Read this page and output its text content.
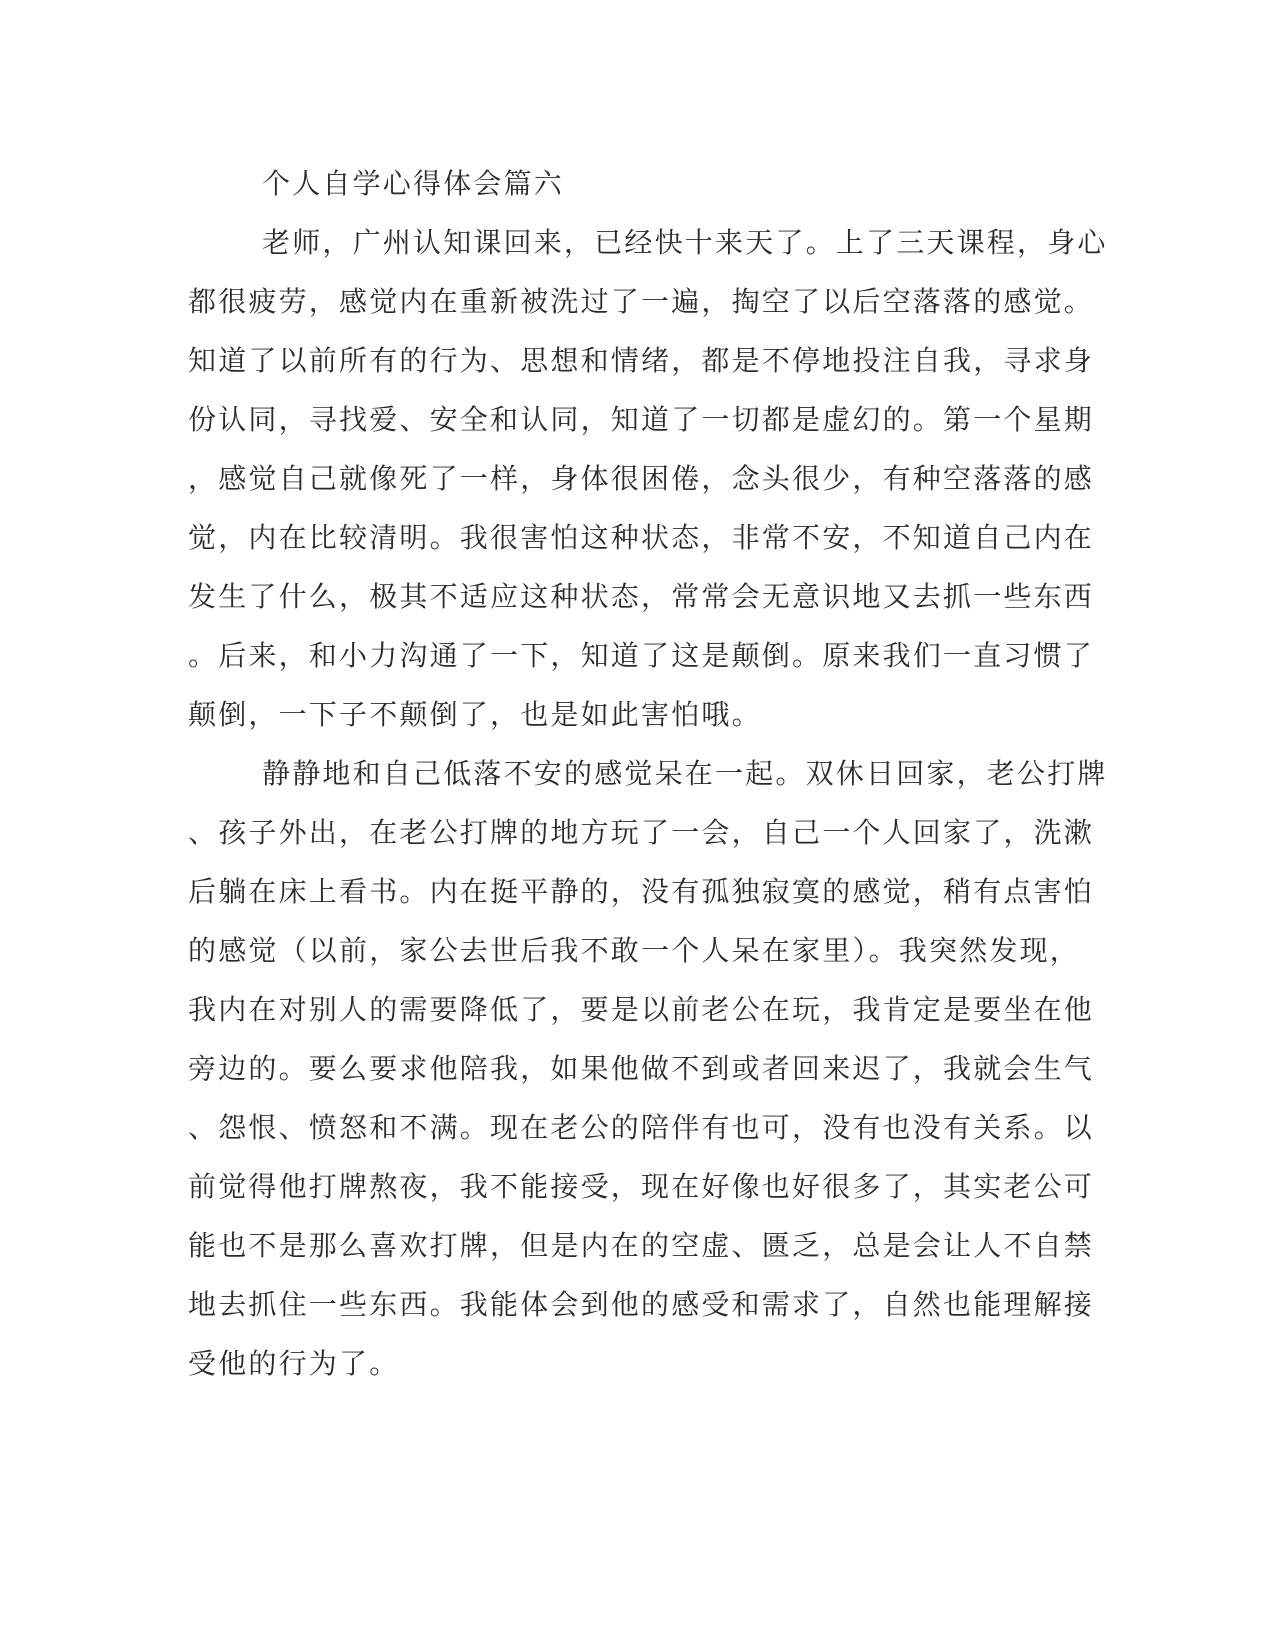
个人自学心得体会篇六
老师，广州认知课回来，已经快十来天了。上了三天课程，身心
都很疲劳，感觉内在重新被洗过了一遍，掏空了以后空落落的感觉。
知道了以前所有的行为、思想和情绪，都是不停地投注自我，寻求身
份认同，寻找爱、安全和认同，知道了一切都是虚幻的。第一个星期
，感觉自己就像死了一样，身体很困倦，念头很少，有种空落落的感
觉，内在比较清明。我很害怕这种状态，非常不安，不知道自己内在
发生了什么，极其不适应这种状态，常常会无意识地又去抓一些东西
。后来，和小力沟通了一下，知道了这是颠倒。原来我们一直习惯了
颠倒，一下子不颠倒了，也是如此害怕哦。
静静地和自己低落不安的感觉呆在一起。双休日回家，老公打牌
、孩子外出，在老公打牌的地方玩了一会，自己一个人回家了，洗漱
后躺在床上看书。内在挺平静的，没有孤独寂寞的感觉，稍有点害怕
的感觉（以前，家公去世后我不敢一个人呆在家里）。我突然发现，
我内在对别人的需要降低了，要是以前老公在玩，我肯定是要坐在他
旁边的。要么要求他陪我，如果他做不到或者回来迟了，我就会生气
、怨恨、愤怒和不满。现在老公的陪伴有也可，没有也没有关系。以
前觉得他打牌熬夜，我不能接受，现在好像也好很多了，其实老公可
能也不是那么喜欢打牌，但是内在的空虚、匮乏，总是会让人不自禁
地去抓住一些东西。我能体会到他的感受和需求了，自然也能理解接
受他的行为了。
